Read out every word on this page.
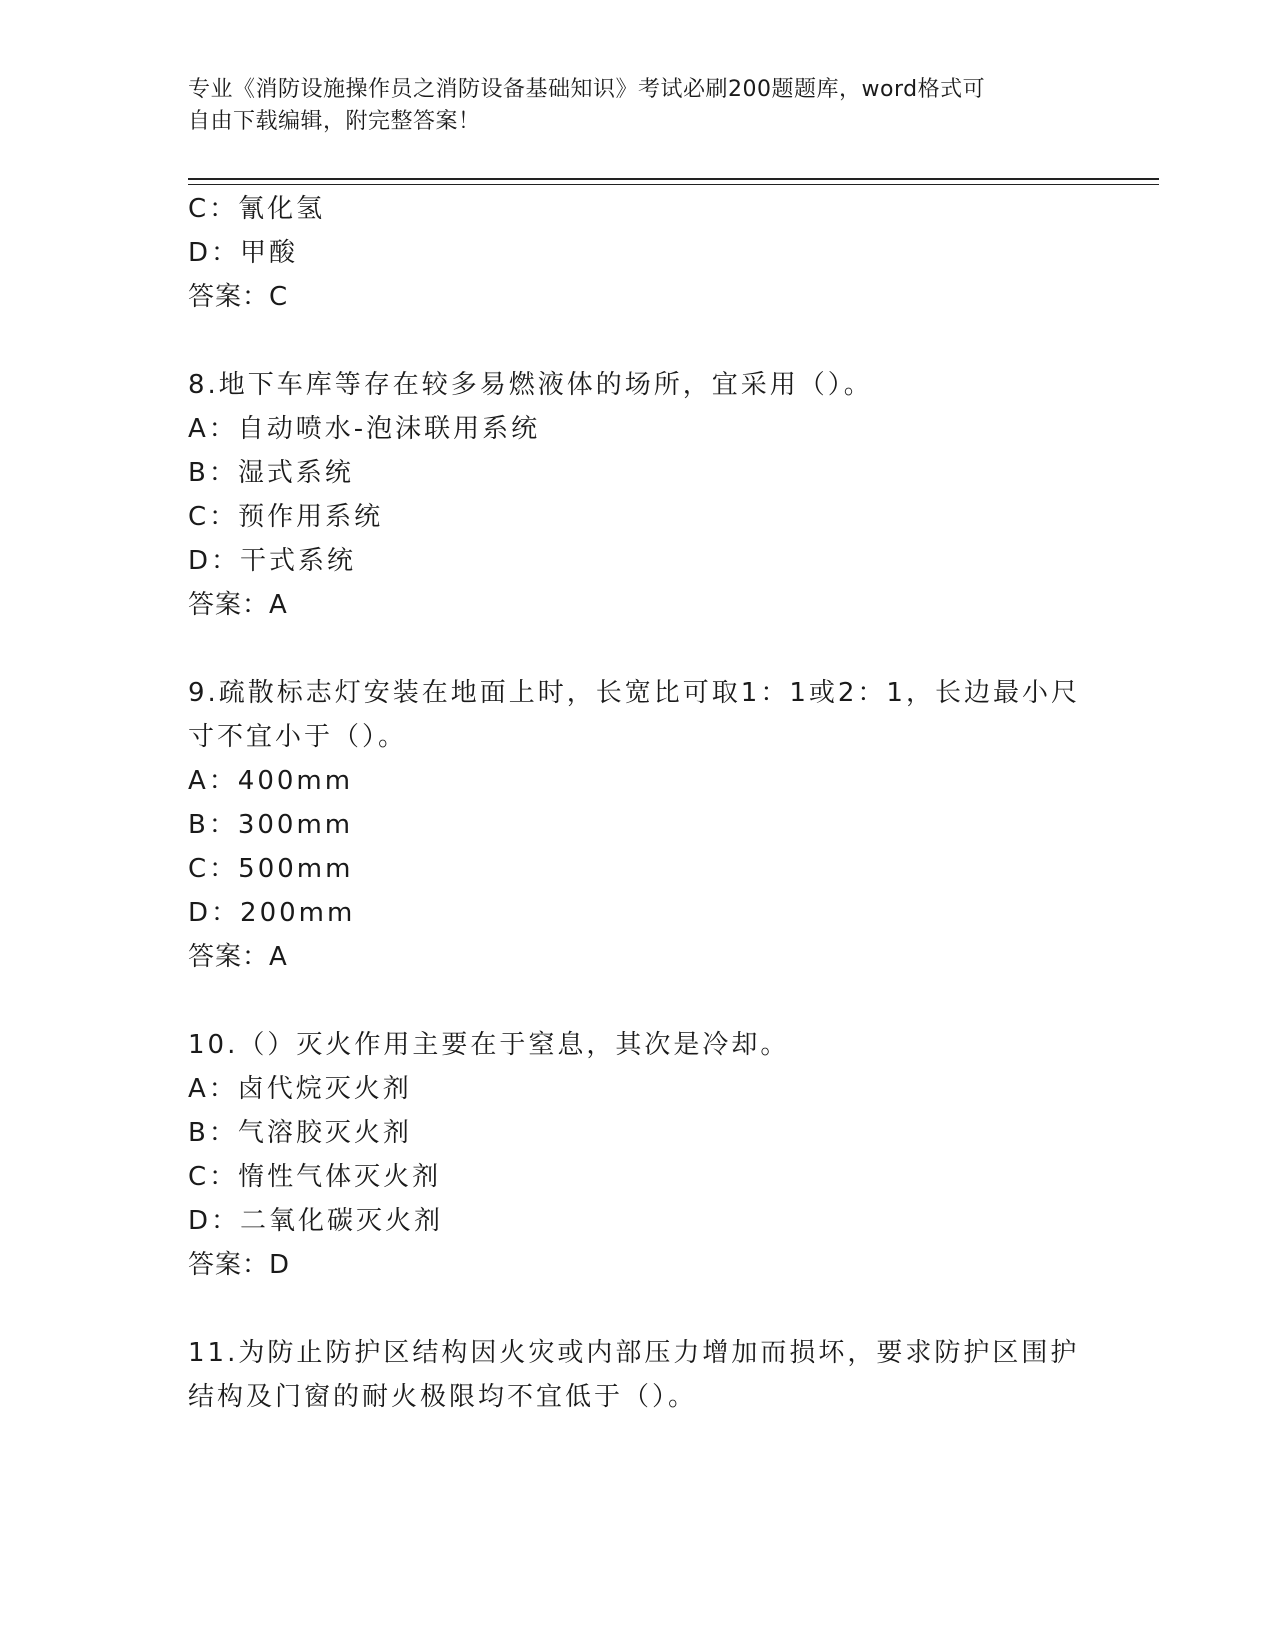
专业《消防设施操作员之消防设备基础知识》考试必刷200题题库，word格式可
自由下载编辑，附完整答案！
C：氰化氢
D：甲酸
答案：C
8.地下车库等存在较多易燃液体的场所，宜采用（）。
A：自动喷水-泡沫联用系统
B：湿式系统
C：预作用系统
D：干式系统
答案：A
9.疏散标志灯安装在地面上时，长宽比可取1：1或2：1，长边最小尺
寸不宜小于（）。
A：400mm
B：300mm
C：500mm
D：200mm
答案：A
10.（）灭火作用主要在于窒息，其次是冷却。
A：卤代烷灭火剂
B：气溶胶灭火剂
C：惰性气体灭火剂
D：二氧化碳灭火剂
答案：D
11.为防止防护区结构因火灾或内部压力增加而损坏，要求防护区围护
结构及门窗的耐火极限均不宜低于（）。
